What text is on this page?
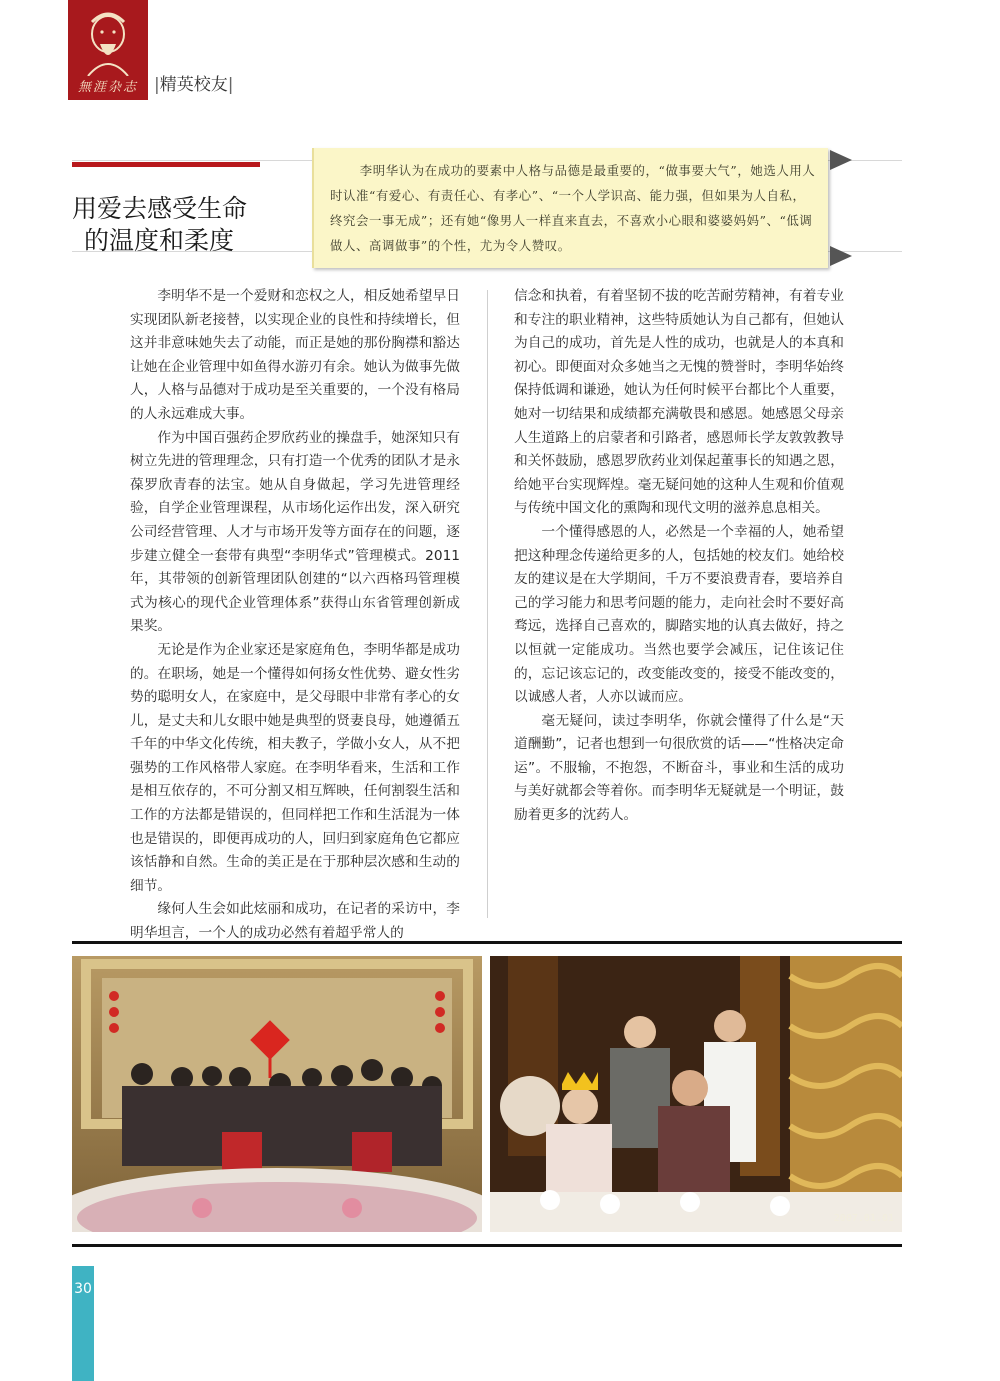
無涯杂志 |精英校友|
用爱去感受生命
的温度和柔度
李明华认为在成功的要素中人格与品德是最重要的，“做事要大气”，她选人用人时认准“有爱心、有责任心、有孝心”、“一个人学识高、能力强，但如果为人自私，终究会一事无成”；还有她“像男人一样直来直去，不喜欢小心眼和婆婆妈妈”、“低调做人、高调做事”的个性，尤为令人赞叹。

李明华不是一个爱财和恋权之人，相反她希望早日实现团队新老接替，以实现企业的良性和持续增长，但这并非意味她失去了动能，而正是她的那份胸襟和豁达让她在企业管理中如鱼得水游刃有余。她认为做事先做人，人格与品德对于成功是至关重要的，一个没有格局的人永远难成大事。

作为中国百强药企罗欣药业的操盘手，她深知只有树立先进的管理理念，只有打造一个优秀的团队才是永葆罗欣青春的法宝。她从自身做起，学习先进管理经验，自学企业管理课程，从市场化运作出发，深入研究公司经营管理、人才与市场开发等方面存在的问题，逐步建立健全一套带有典型“李明华式”管理模式。2011年，其带领的创新管理团队创建的“以六西格玛管理模式为核心的现代企业管理体系”获得山东省管理创新成果奖。

无论是作为企业家还是家庭角色，李明华都是成功的。在职场，她是一个懂得如何扬女性优势、避女性劣势的聪明女人，在家庭中，是父母眼中非常有孝心的女儿，是丈夫和儿女眼中她是典型的贤妻良母，她遵循五千年的中华文化传统，相夫教子，学做小女人，从不把强势的工作风格带人家庭。在李明华看来，生活和工作是相互依存的，不可分割又相互辉映，任何割裂生活和工作的方法都是错误的，但同样把工作和生活混为一体也是错误的，即便再成功的人，回归到家庭角色它都应该恬静和自然。生命的美正是在于那种层次感和生动的细节。

缘何人生会如此炫丽和成功，在记者的采访中，李明华坦言，一个人的成功必然有着超乎常人的

信念和执着，有着坚韧不拔的吃苦耐劳精神，有着专业和专注的职业精神，这些特质她认为自己都有，但她认为自己的成功，首先是人性的成功，也就是人的本真和初心。即便面对众多她当之无愧的赞誉时，李明华始终保持低调和谦逊，她认为任何时候平台都比个人重要，她对一切结果和成绩都充满敬畏和感恩。她感恩父母亲人生道路上的启蒙者和引路者，感恩师长学友敦敦教导和关怀鼓励，感恩罗欣药业刘保起董事长的知遇之恩，给她平台实现辉煌。毫无疑问她的这种人生观和价值观与传统中国文化的熏陶和现代文明的滋养息息相关。

一个懂得感恩的人，必然是一个幸福的人，她希望把这种理念传递给更多的人，包括她的校友们。她给校友的建议是在大学期间，千万不要浪费青春，要培养自己的学习能力和思考问题的能力，走向社会时不要好高骛远，选择自己喜欢的，脚踏实地的认真去做好，持之以恒就一定能成功。当然也要学会减压，记住该记住的，忘记该忘记的，改变能改变的，接受不能改变的，以诚感人者，人亦以诚而应。

毫无疑问，读过李明华，你就会懂得了什么是“天道酬勤”，记者也想到一句很欣赏的话——“性格决定命运”。不服输，不抱怨，不断奋斗，事业和生活的成功与美好就都会等着你。而李明华无疑就是一个明证，鼓励着更多的沈药人。

2007.01.01
30
